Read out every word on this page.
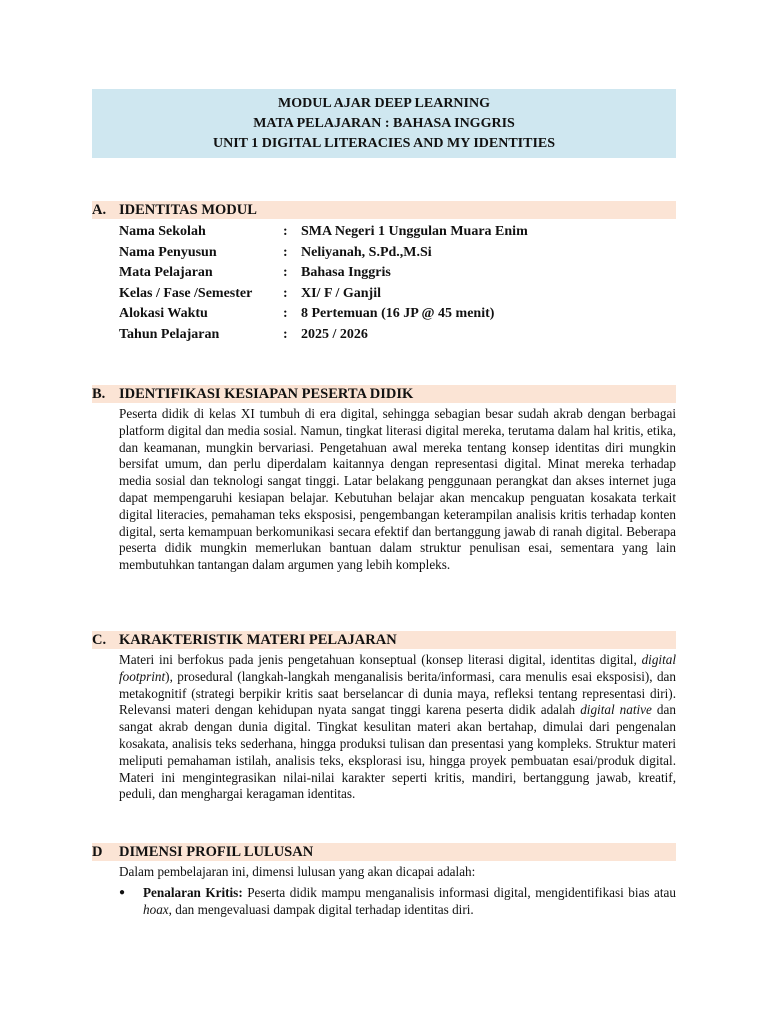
MODUL AJAR DEEP LEARNING
MATA PELAJARAN : BAHASA INGGRIS
UNIT 1 DIGITAL LITERACIES AND MY IDENTITIES
A. IDENTITAS MODUL
Nama Sekolah	: SMA Negeri 1 Unggulan Muara Enim
Nama Penyusun	: Neliyanah, S.Pd.,M.Si
Mata Pelajaran	: Bahasa Inggris
Kelas / Fase /Semester : XI/ F / Ganjil
Alokasi Waktu	: 8 Pertemuan (16 JP @ 45 menit)
Tahun Pelajaran	: 2025 / 2026
B. IDENTIFIKASI KESIAPAN PESERTA DIDIK

Peserta didik di kelas XI tumbuh di era digital, sehingga sebagian besar sudah akrab dengan berbagai platform digital dan media sosial. Namun, tingkat literasi digital mereka, terutama dalam hal kritis, etika, dan keamanan, mungkin bervariasi. Pengetahuan awal mereka tentang konsep identitas diri mungkin bersifat umum, dan perlu diperdalam kaitannya dengan representasi digital. Minat mereka terhadap media sosial dan teknologi sangat tinggi. Latar belakang penggunaan perangkat dan akses internet juga dapat mempengaruhi kesiapan belajar. Kebutuhan belajar akan mencakup penguatan kosakata terkait digital literacies, pemahaman teks eksposisi, pengembangan keterampilan analisis kritis terhadap konten digital, serta kemampuan berkomunikasi secara efektif dan bertanggung jawab di ranah digital. Beberapa peserta didik mungkin memerlukan bantuan dalam struktur penulisan esai, sementara yang lain membutuhkan tantangan dalam argumen yang lebih kompleks.

C. KARAKTERISTIK MATERI PELAJARAN

Materi ini berfokus pada jenis pengetahuan konseptual (konsep literasi digital, identitas digital, digital footprint), prosedural (langkah-langkah menganalisis berita/informasi, cara menulis esai eksposisi), dan metakognitif (strategi berpikir kritis saat berselancar di dunia maya, refleksi tentang representasi diri). Relevansi materi dengan kehidupan nyata sangat tinggi karena peserta didik adalah digital native dan sangat akrab dengan dunia digital. Tingkat kesulitan materi akan bertahap, dimulai dari pengenalan kosakata, analisis teks sederhana, hingga produksi tulisan dan presentasi yang kompleks. Struktur materi meliputi pemahaman istilah, analisis teks, eksplorasi isu, hingga proyek pembuatan esai/produk digital. Materi ini mengintegrasikan nilai-nilai karakter seperti kritis, mandiri, bertanggung jawab, kreatif, peduli, dan menghargai keragaman identitas.

D DIMENSI PROFIL LULUSAN

Dalam pembelajaran ini, dimensi lulusan yang akan dicapai adalah:

● Penalaran Kritis: Peserta didik mampu menganalisis informasi digital, mengidentifikasi bias atau hoax, dan mengevaluasi dampak digital terhadap identitas diri.
